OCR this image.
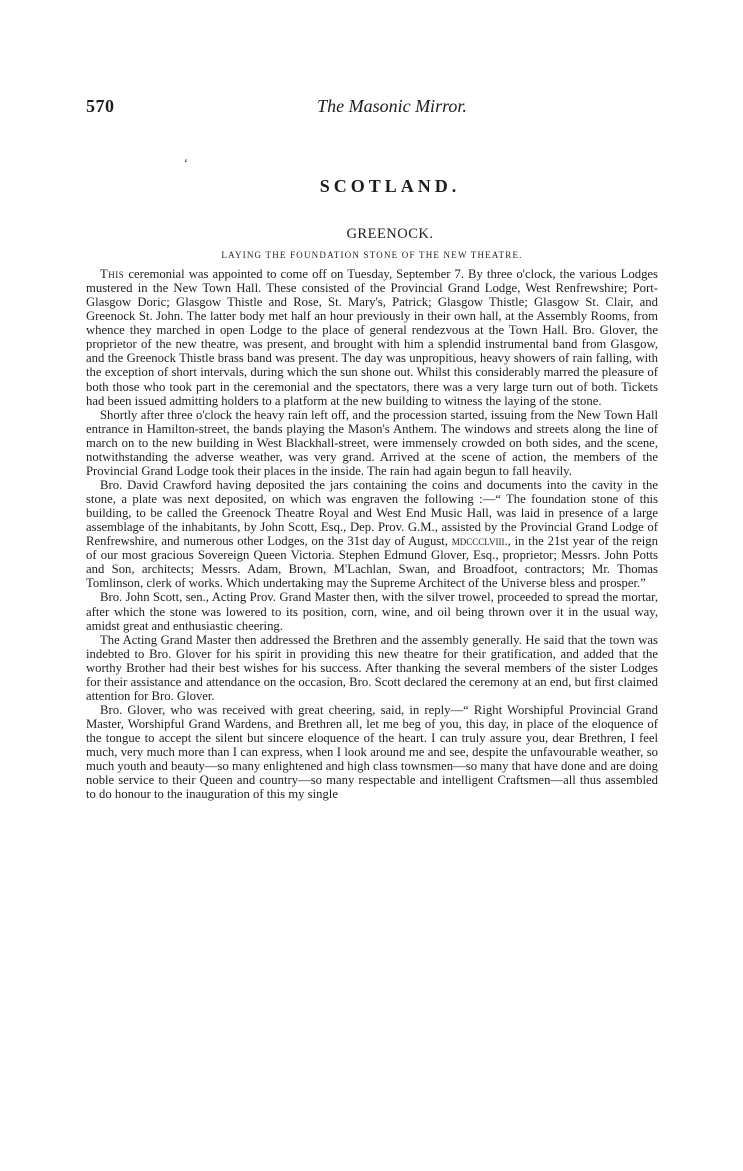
570	The Masonic Mirror.
‘
SCOTLAND.
GREENOCK.
LAYING THE FOUNDATION STONE OF THE NEW THEATRE.

This ceremonial was appointed to come off on Tuesday, September 7. By three o'clock, the various Lodges mustered in the New Town Hall. These consisted of the Provincial Grand Lodge, West Renfrewshire; Port-Glasgow Doric; Glasgow Thistle and Rose, St. Mary's, Patrick; Glasgow Thistle; Glasgow St. Clair, and Greenock St. John. The latter body met half an hour previously in their own hall, at the Assembly Rooms, from whence they marched in open Lodge to the place of general rendezvous at the Town Hall. Bro. Glover, the proprietor of the new theatre, was present, and brought with him a splendid instrumental band from Glasgow, and the Greenock Thistle brass band was present. The day was unpropitious, heavy showers of rain falling, with the exception of short intervals, during which the sun shone out. Whilst this considerably marred the pleasure of both those who took part in the ceremonial and the spectators, there was a very large turn out of both. Tickets had been issued admitting holders to a platform at the new building to witness the laying of the stone.

Shortly after three o'clock the heavy rain left off, and the procession started, issuing from the New Town Hall entrance in Hamilton-street, the bands playing the Mason's Anthem. The windows and streets along the line of march on to the new building in West Blackhall-street, were immensely crowded on both sides, and the scene, notwithstanding the adverse weather, was very grand. Arrived at the scene of action, the members of the Provincial Grand Lodge took their places in the inside. The rain had again begun to fall heavily.

Bro. David Crawford having deposited the jars containing the coins and documents into the cavity in the stone, a plate was next deposited, on which was engraven the following :—“ The foundation stone of this building, to be called the Greenock Theatre Royal and West End Music Hall, was laid in presence of a large assemblage of the inhabitants, by John Scott, Esq., Dep. Prov. G.M., assisted by the Provincial Grand Lodge of Renfrewshire, and numerous other Lodges, on the 31st day of August, mdccclviii., in the 21st year of the reign of our most gracious Sovereign Queen Victoria. Stephen Edmund Glover, Esq., proprietor; Messrs. John Potts and Son, architects; Messrs. Adam, Brown, M'Lachlan, Swan, and Broadfoot, contractors; Mr. Thomas Tomlinson, clerk of works. Which undertaking may the Supreme Architect of the Universe bless and prosper.”

Bro. John Scott, sen., Acting Prov. Grand Master then, with the silver trowel, proceeded to spread the mortar, after which the stone was lowered to its position, corn, wine, and oil being thrown over it in the usual way, amidst great and enthusiastic cheering.

The Acting Grand Master then addressed the Brethren and the assembly generally. He said that the town was indebted to Bro. Glover for his spirit in providing this new theatre for their gratification, and added that the worthy Brother had their best wishes for his success. After thanking the several members of the sister Lodges for their assistance and attendance on the occasion, Bro. Scott declared the ceremony at an end, but first claimed attention for Bro. Glover.

Bro. Glover, who was received with great cheering, said, in reply—“ Right Worshipful Provincial Grand Master, Worshipful Grand Wardens, and Brethren all, let me beg of you, this day, in place of the eloquence of the tongue to accept the silent but sincere eloquence of the heart. I can truly assure you, dear Brethren, I feel much, very much more than I can express, when I look around me and see, despite the unfavourable weather, so much youth and beauty—so many enlightened and high class townsmen—so many that have done and are doing noble service to their Queen and country—so many respectable and intelligent Craftsmen—all thus assembled to do honour to the inauguration of this my single
